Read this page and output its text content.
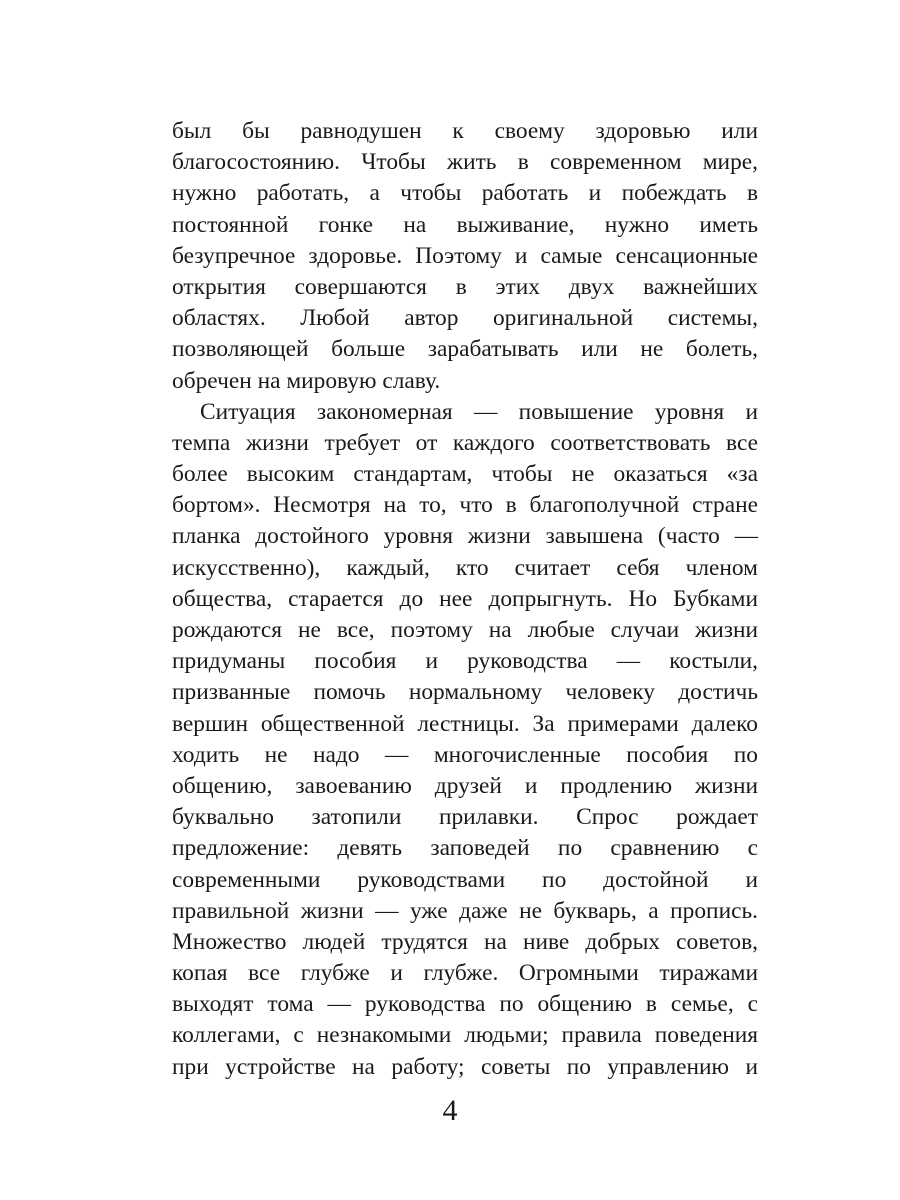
был бы равнодушен к своему здоровью или
благосостоянию. Чтобы жить в современном мире,
нужно работать, а чтобы работать и побеждать в
постоянной гонке на выживание, нужно иметь
безупречное здоровье. Поэтому и самые сенсационные
открытия совершаются в этих двух важнейших
областях. Любой автор оригинальной системы,
позволяющей больше зарабатывать или не болеть,
обречен на мировую славу.
Ситуация закономерная — повышение уровня и
темпа жизни требует от каждого соответствовать все
более высоким стандартам, чтобы не оказаться «за
бортом». Несмотря на то, что в благополучной стране
планка достойного уровня жизни завышена (часто —
искусственно), каждый, кто считает себя членом
общества, старается до нее допрыгнуть. Но Бубками
рождаются не все, поэтому на любые случаи жизни
придуманы пособия и руководства — костыли,
призванные помочь нормальному человеку достичь
вершин общественной лестницы. За примерами далеко
ходить не надо — многочисленные пособия по
общению, завоеванию друзей и продлению жизни
буквально затопили прилавки. Спрос рождает
предложение: девять заповедей по сравнению с
современными руководствами по достойной и
правильной жизни — уже даже не букварь, а пропись.
Множество людей трудятся на ниве добрых советов,
копая все глубже и глубже. Огромными тиражами
выходят тома — руководства по общению в семье, с
коллегами, с незнакомыми людьми; правила поведения
при устройстве на работу; советы по управлению и
4
